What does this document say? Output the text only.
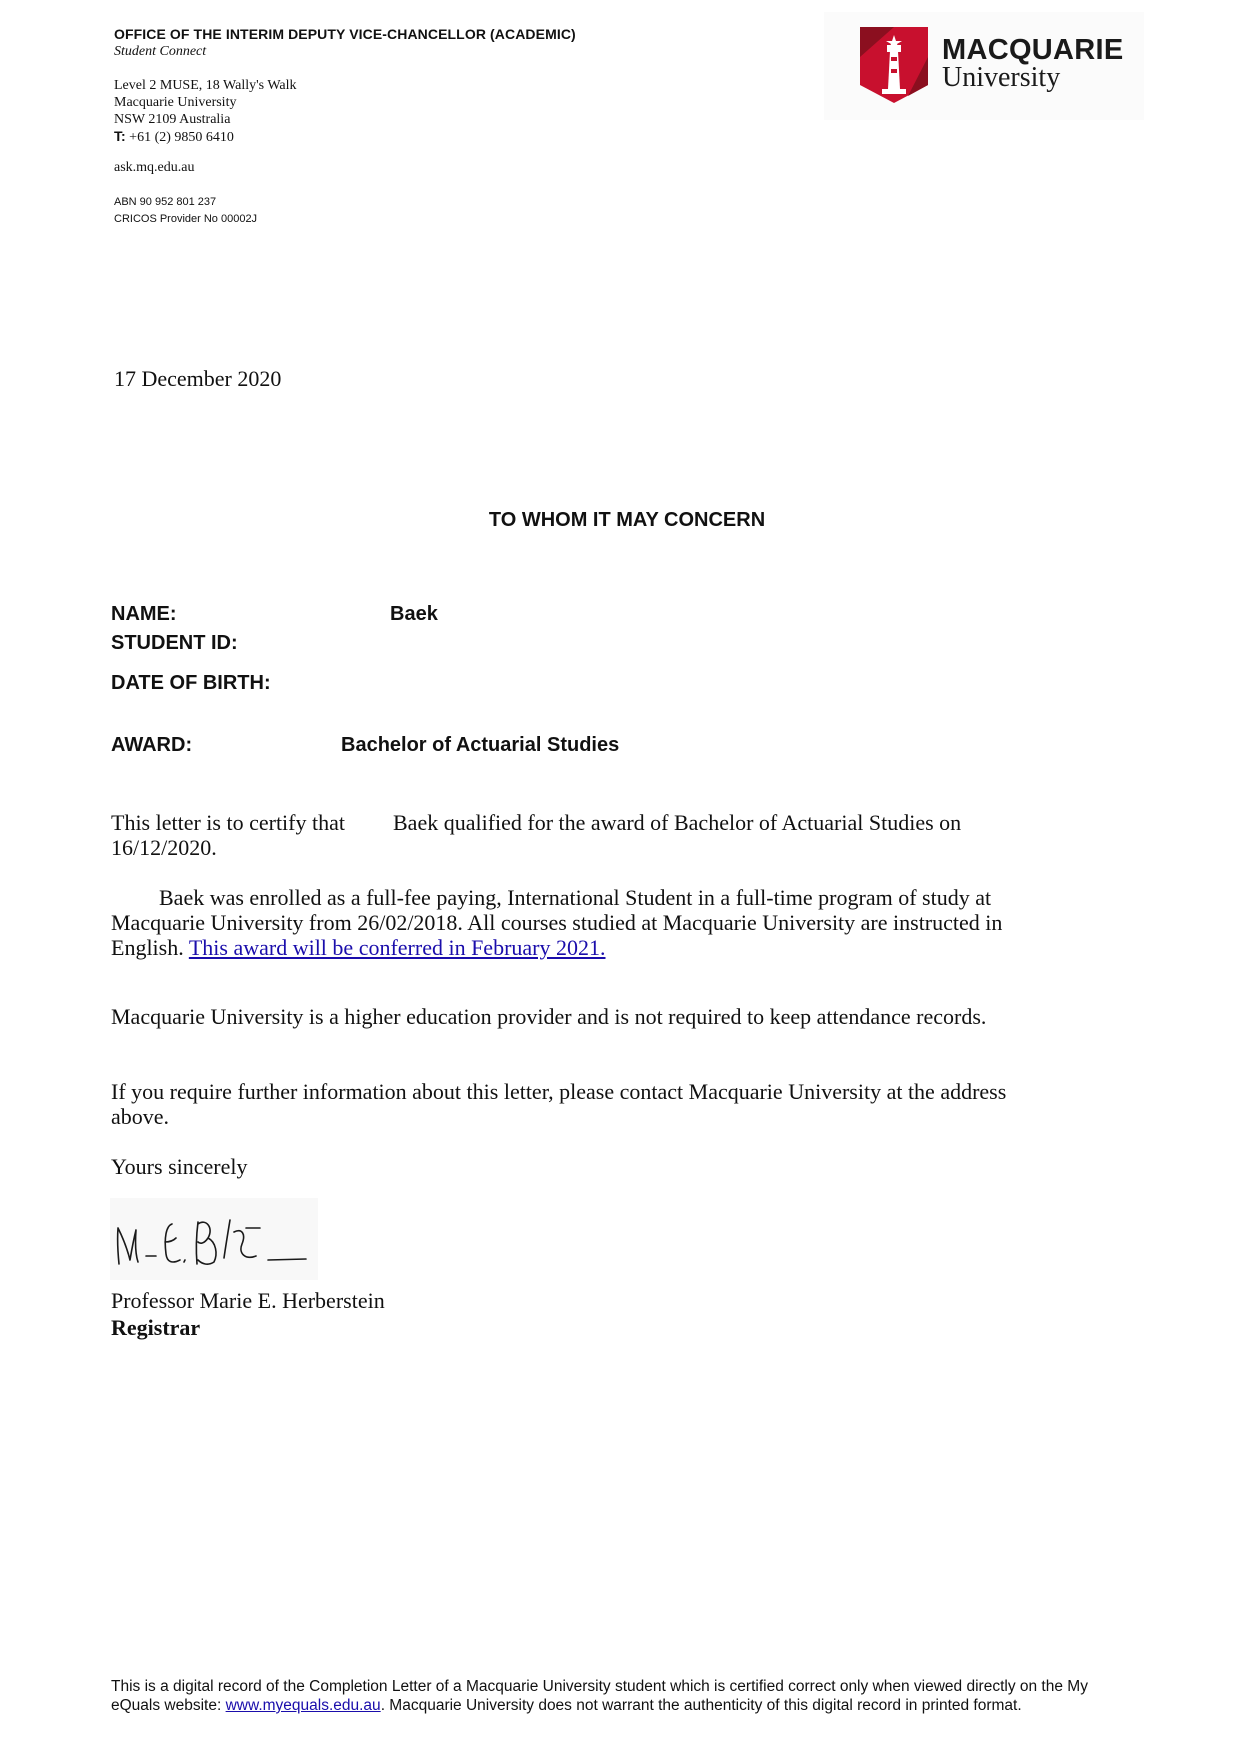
OFFICE OF THE INTERIM DEPUTY VICE-CHANCELLOR (ACADEMIC)
Student Connect
Level 2 MUSE, 18 Wally's Walk
Macquarie University
NSW 2109 Australia
T: +61 (2) 9850 6410
ask.mq.edu.au
ABN 90 952 801 237
CRICOS Provider No 00002J
MACQUARIE
University
17 December 2020
TO WHOM IT MAY CONCERN
NAME:	Baek
STUDENT ID:
DATE OF BIRTH:
AWARD:	Bachelor of Actuarial Studies
This letter is to certify that Baek qualified for the award of Bachelor of Actuarial Studies on 16/12/2020.
Baek was enrolled as a full-fee paying, International Student in a full-time program of study at Macquarie University from 26/02/2018. All courses studied at Macquarie University are instructed in English. This award will be conferred in February 2021.
Macquarie University is a higher education provider and is not required to keep attendance records.
If you require further information about this letter, please contact Macquarie University at the address above.
Yours sincerely
Professor Marie E. Herberstein
Registrar
This is a digital record of the Completion Letter of a Macquarie University student which is certified correct only when viewed directly on the My eQuals website: www.myequals.edu.au. Macquarie University does not warrant the authenticity of this digital record in printed format.
